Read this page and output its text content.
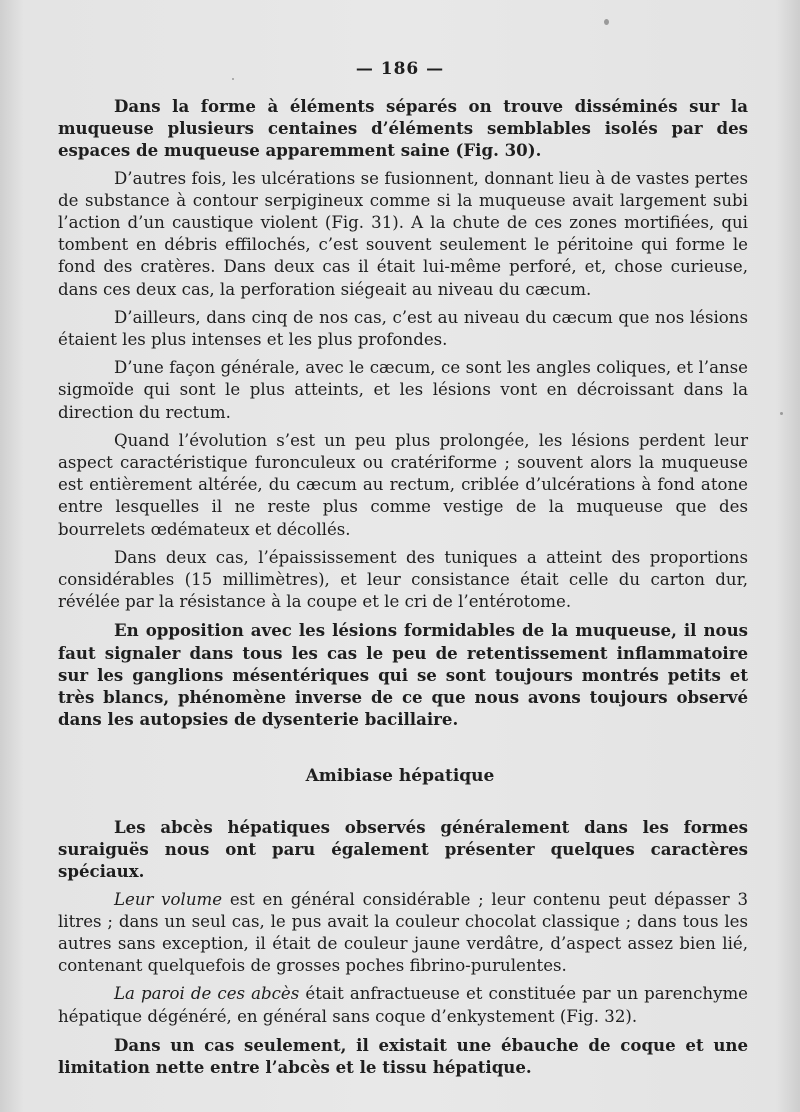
— 186 —

Dans la forme à éléments séparés on trouve disséminés sur la muqueuse plusieurs centaines d’éléments semblables isolés par des espaces de muqueuse apparemment saine (Fig. 30).

D’autres fois, les ulcérations se fusionnent, donnant lieu à de vastes pertes de substance à contour serpigineux comme si la muqueuse avait largement subi l’action d’un caustique violent (Fig. 31). A la chute de ces zones mortifiées, qui tombent en débris effilochés, c’est souvent seulement le péritoine qui forme le fond des cratères. Dans deux cas il était lui-même perforé, et, chose curieuse, dans ces deux cas, la perforation siégeait au niveau du cæcum.

D’ailleurs, dans cinq de nos cas, c’est au niveau du cæcum que nos lésions étaient les plus intenses et les plus profondes.

D’une façon générale, avec le cæcum, ce sont les angles coliques, et l’anse sigmoïde qui sont le plus atteints, et les lésions vont en décroissant dans la direction du rectum.

Quand l’évolution s’est un peu plus prolongée, les lésions perdent leur aspect caractéristique furonculeux ou cratériforme ; souvent alors la muqueuse est entièrement altérée, du cæcum au rectum, criblée d’ulcérations à fond atone entre lesquelles il ne reste plus comme vestige de la muqueuse que des bourrelets œdémateux et décollés.

Dans deux cas, l’épaississement des tuniques a atteint des proportions considérables (15 millimètres), et leur consistance était celle du carton dur, révélée par la résistance à la coupe et le cri de l’entérotome.

En opposition avec les lésions formidables de la muqueuse, il nous faut signaler dans tous les cas le peu de retentissement inflammatoire sur les ganglions mésentériques qui se sont toujours montrés petits et très blancs, phénomène inverse de ce que nous avons toujours observé dans les autopsies de dysenterie bacillaire.

Amibiase hépatique

Les abcès hépatiques observés généralement dans les formes suraiguës nous ont paru également présenter quelques caractères spéciaux.

Leur volume est en général considérable ; leur contenu peut dépasser 3 litres ; dans un seul cas, le pus avait la couleur chocolat classique ; dans tous les autres sans exception, il était de couleur jaune verdâtre, d’aspect assez bien lié, contenant quelquefois de grosses poches fibrino-purulentes.

La paroi de ces abcès était anfractueuse et constituée par un parenchyme hépatique dégénéré, en général sans coque d’enkystement (Fig. 32).

Dans un cas seulement, il existait une ébauche de coque et une limitation nette entre l’abcès et le tissu hépatique.
